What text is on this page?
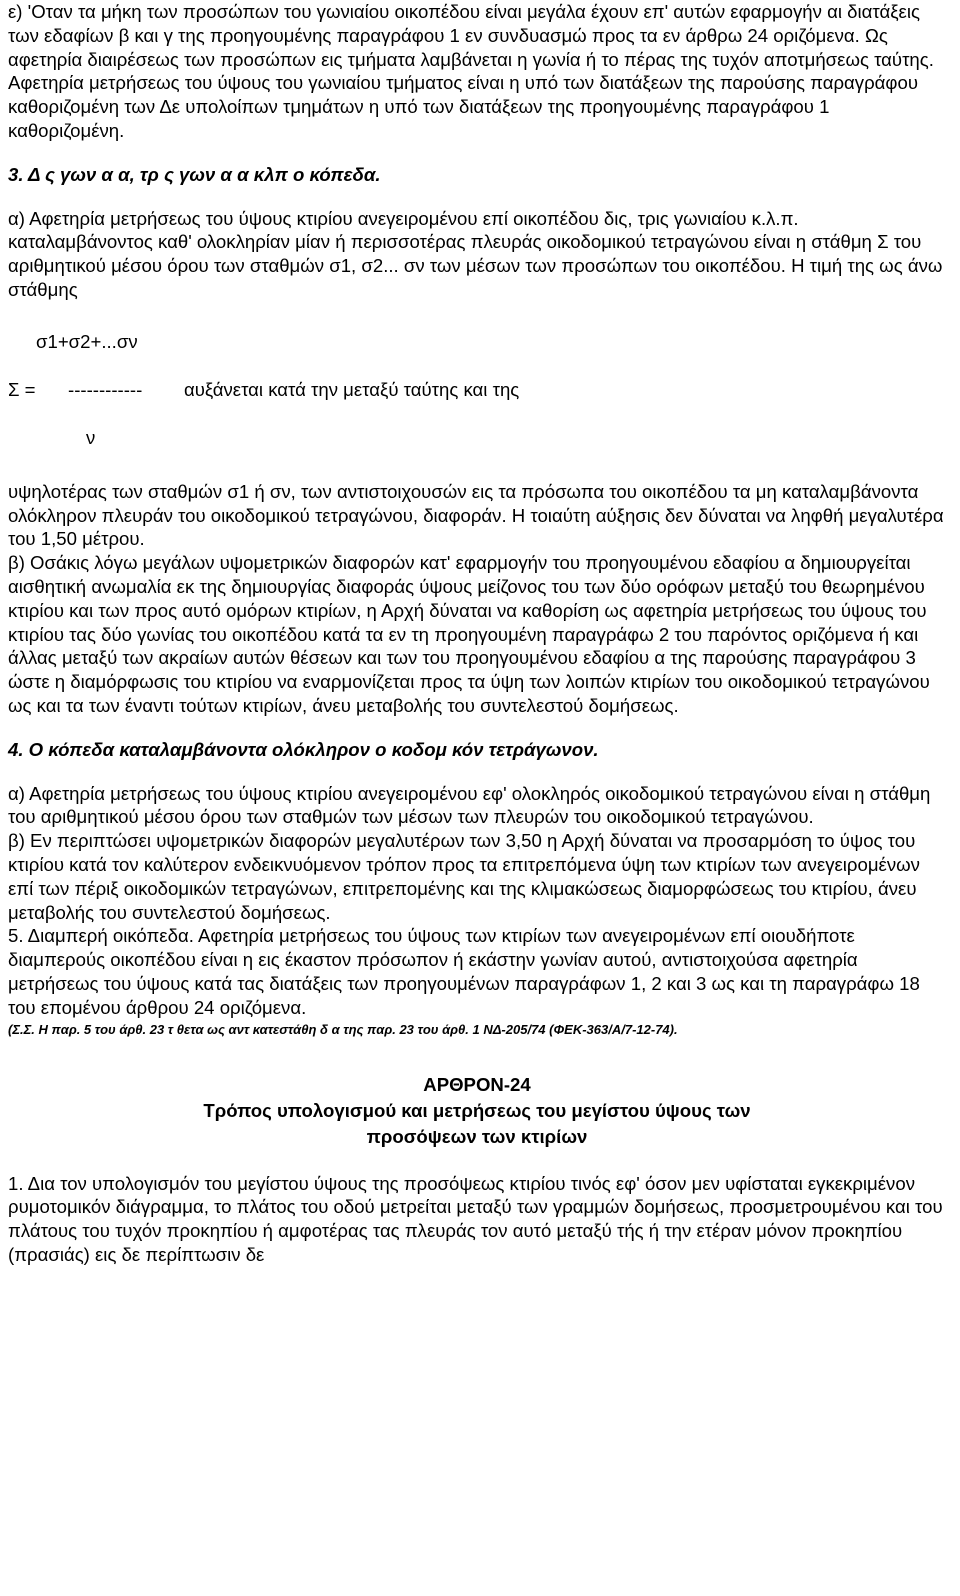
ε) 'Οταν τα μήκη των προσώπων του γωνιαίου οικοπέδου είναι μεγάλα έχουν επ' αυτών εφαρμογήν αι διατάξεις των εδαφίων β και γ της προηγουμένης παραγράφου 1 εν συνδυασμώ προς τα εν άρθρω 24 οριζόμενα. Ως αφετηρία διαιρέσεως των προσώπων εις τμήματα λαμβάνεται η γωνία ή το πέρας της τυχόν αποτμήσεως ταύτης. Αφετηρία μετρήσεως του ύψους του γωνιαίου τμήματος είναι η υπό των διατάξεων της παρούσης παραγράφου καθοριζομένη των Δε υπολοίπων τμημάτων η υπό των διατάξεων της προηγουμένης παραγράφου 1 καθοριζομένη.

3. Δ ς γων α α, τρ ς γων α α κλπ ο κόπεδα.

α) Αφετηρία μετρήσεως του ύψους κτιρίου ανεγειρομένου επί οικοπέδου δις, τρις γωνιαίου κ.λ.π. καταλαμβάνοντος καθ' ολοκληρίαν μίαν ή περισσοτέρας πλευράς οικοδομικού τετραγώνου είναι η στάθμη Σ του αριθμητικού μέσου όρου των σταθμών σ1, σ2... σν των μέσων των προσώπων του οικοπέδου. Η τιμή της ως άνω στάθμης

σ1+σ2+...σν

Σ =	------------	αυξάνεται κατά την μεταξύ ταύτης και της

ν

υψηλοτέρας των σταθμών σ1 ή σν, των αντιστοιχουσών εις τα πρόσωπα του οικοπέδου τα μη καταλαμβάνοντα ολόκληρον πλευράν του οικοδομικού τετραγώνου, διαφοράν. Η τοιαύτη αύξησις δεν δύναται να ληφθή μεγαλυτέρα του 1,50 μέτρου.

β) Οσάκις λόγω μεγάλων υψομετρικών διαφορών κατ' εφαρμογήν του προηγουμένου εδαφίου α δημιουργείται αισθητική ανωμαλία εκ της δημιουργίας διαφοράς ύψους μείζονος του των δύο ορόφων μεταξύ του θεωρημένου κτιρίου και των προς αυτό ομόρων κτιρίων, η Αρχή δύναται να καθορίση ως αφετηρία μετρήσεως του ύψους του κτιρίου τας δύο γωνίας του οικοπέδου κατά τα εν τη προηγουμένη παραγράφω 2 του παρόντος οριζόμενα ή και άλλας μεταξύ των ακραίων αυτών θέσεων και των του προηγουμένου εδαφίου α της παρούσης παραγράφου 3 ώστε η διαμόρφωσις του κτιρίου να εναρμονίζεται προς τα ύψη των λοιπών κτιρίων του οικοδομικού τετραγώνου ως και τα των έναντι τούτων κτιρίων, άνευ μεταβολής του συντελεστού δομήσεως.

4. Ο κόπεδα καταλαμβάνοντα ολόκληρον ο κοδομ κόν τετράγωνον.

α) Αφετηρία μετρήσεως του ύψους κτιρίου ανεγειρομένου εφ' ολοκληρός οικοδομικού τετραγώνου είναι η στάθμη του αριθμητικού μέσου όρου των σταθμών των μέσων των πλευρών του οικοδομικού τετραγώνου.

β) Εν περιπτώσει υψομετρικών διαφορών μεγαλυτέρων των 3,50 η Αρχή δύναται να προσαρμόση το ύψος του κτιρίου κατά τον καλύτερον ενδεικνυόμενον τρόπον προς τα επιτρεπόμενα ύψη των κτιρίων των ανεγειρομένων επί των πέριξ οικοδομικών τετραγώνων, επιτρεπομένης και της κλιμακώσεως διαμορφώσεως του κτιρίου, άνευ μεταβολής του συντελεστού δομήσεως.

5. Διαμπερή οικόπεδα. Αφετηρία μετρήσεως του ύψους των κτιρίων των ανεγειρομένων επί οιουδήποτε διαμπερούς οικοπέδου είναι η εις έκαστον πρόσωπον ή εκάστην γωνίαν αυτού, αντιστοιχούσα αφετηρία μετρήσεως του ύψους κατά τας διατάξεις των προηγουμένων παραγράφων 1, 2 και 3 ως και τη παραγράφω 18 του επομένου άρθρου 24 οριζόμενα.

(Σ.Σ. Η παρ. 5 του άρθ. 23 τ θετα ως αντ κατεστάθη δ α της παρ. 23 του άρθ. 1 ΝΔ-205/74 (ΦΕΚ-363/Α/7-12-74).

ΑΡΘΡΟΝ-24

Τρόπος υπολογισμού και μετρήσεως του μεγίστου ύψους των

προσόψεων των κτιρίων

1. Δια τον υπολογισμόν του μεγίστου ύψους της προσόψεως κτιρίου τινός εφ' όσον μεν υφίσταται εγκεκριμένον ρυμοτομικόν διάγραμμα, το πλάτος του οδού μετρείται μεταξύ των γραμμών δομήσεως, προσμετρουμένου και του πλάτους του τυχόν προκηπίου ή αμφοτέρας τας πλευράς τον αυτό μεταξύ τής ή την ετέραν μόνον προκηπίου (πρασιάς) εις δε περίπτωσιν δε
